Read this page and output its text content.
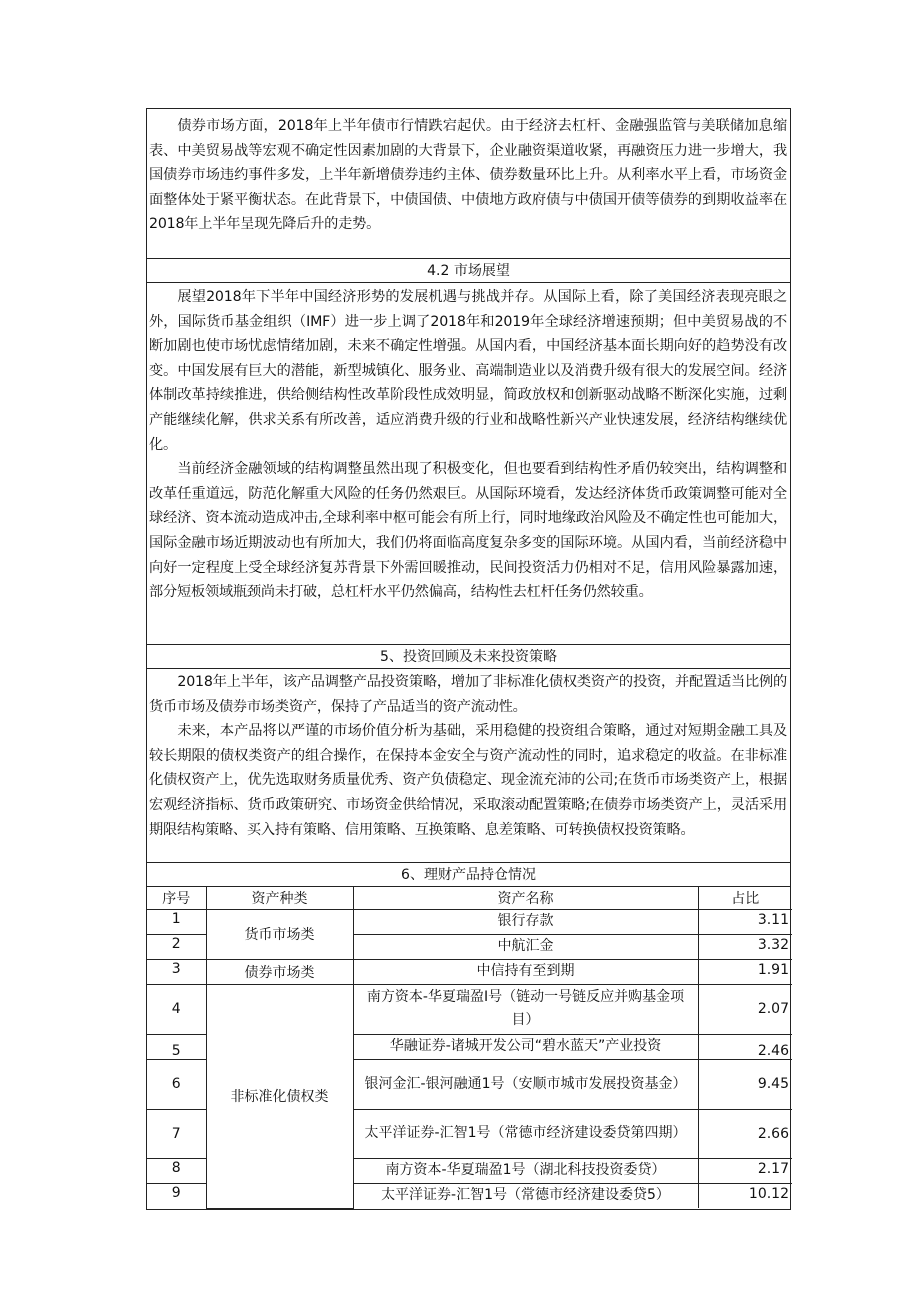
债券市场方面，2018年上半年债市行情跌宕起伏。由于经济去杠杆、金融强监管与美联储加息缩表、中美贸易战等宏观不确定性因素加剧的大背景下，企业融资渠道收紧，再融资压力进一步增大，我国债券市场违约事件多发，上半年新增债券违约主体、债券数量环比上升。从利率水平上看，市场资金面整体处于紧平衡状态。在此背景下，中债国债、中债地方政府债与中债国开债等债券的到期收益率在2018年上半年呈现先降后升的走势。

4.2 市场展望

展望2018年下半年中国经济形势的发展机遇与挑战并存。从国际上看，除了美国经济表现亮眼之外，国际货币基金组织（IMF）进一步上调了2018年和2019年全球经济增速预期；但中美贸易战的不断加剧也使市场忧虑情绪加剧，未来不确定性增强。从国内看，中国经济基本面长期向好的趋势没有改变。中国发展有巨大的潜能，新型城镇化、服务业、高端制造业以及消费升级有很大的发展空间。经济体制改革持续推进，供给侧结构性改革阶段性成效明显，简政放权和创新驱动战略不断深化实施，过剩产能继续化解，供求关系有所改善，适应消费升级的行业和战略性新兴产业快速发展，经济结构继续优化。

当前经济金融领域的结构调整虽然出现了积极变化，但也要看到结构性矛盾仍较突出，结构调整和改革任重道远，防范化解重大风险的任务仍然艰巨。从国际环境看，发达经济体货币政策调整可能对全球经济、资本流动造成冲击,全球利率中枢可能会有所上行，同时地缘政治风险及不确定性也可能加大，国际金融市场近期波动也有所加大，我们仍将面临高度复杂多变的国际环境。从国内看，当前经济稳中向好一定程度上受全球经济复苏背景下外需回暖推动，民间投资活力仍相对不足，信用风险暴露加速，部分短板领域瓶颈尚未打破，总杠杆水平仍然偏高，结构性去杠杆任务仍然较重。

5、投资回顾及未来投资策略

2018年上半年，该产品调整产品投资策略，增加了非标准化债权类资产的投资，并配置适当比例的货币市场及债券市场类资产，保持了产品适当的资产流动性。

未来，本产品将以严谨的市场价值分析为基础，采用稳健的投资组合策略，通过对短期金融工具及较长期限的债权类资产的组合操作，在保持本金安全与资产流动性的同时，追求稳定的收益。在非标准化债权资产上，优先选取财务质量优秀、资产负债稳定、现金流充沛的公司;在货币市场类资产上，根据宏观经济指标、货币政策研究、市场资金供给情况，采取滚动配置策略;在债券市场类资产上，灵活采用期限结构策略、买入持有策略、信用策略、互换策略、息差策略、可转换债权投资策略。

6、理财产品持仓情况
序号	资产种类	资产名称	占比
1	货币市场类	银行存款	3.11
2		中航汇金	3.32
3	债券市场类	中信持有至到期	1.91
4	非标准化债权类	南方资本-华夏瑞盈Ⅰ号（链动一号链反应并购基金项目）	2.07
5		华融证券-诸城开发公司“碧水蓝天”产业投资	2.46
6		银河金汇-银河融通1号（安顺市城市发展投资基金）	9.45
7		太平洋证券-汇智1号（常德市经济建设委贷第四期）	2.66
8		南方资本-华夏瑞盈1号（湖北科技投资委贷）	2.17
9		太平洋证券-汇智1号（常德市经济建设委贷5）	10.12
